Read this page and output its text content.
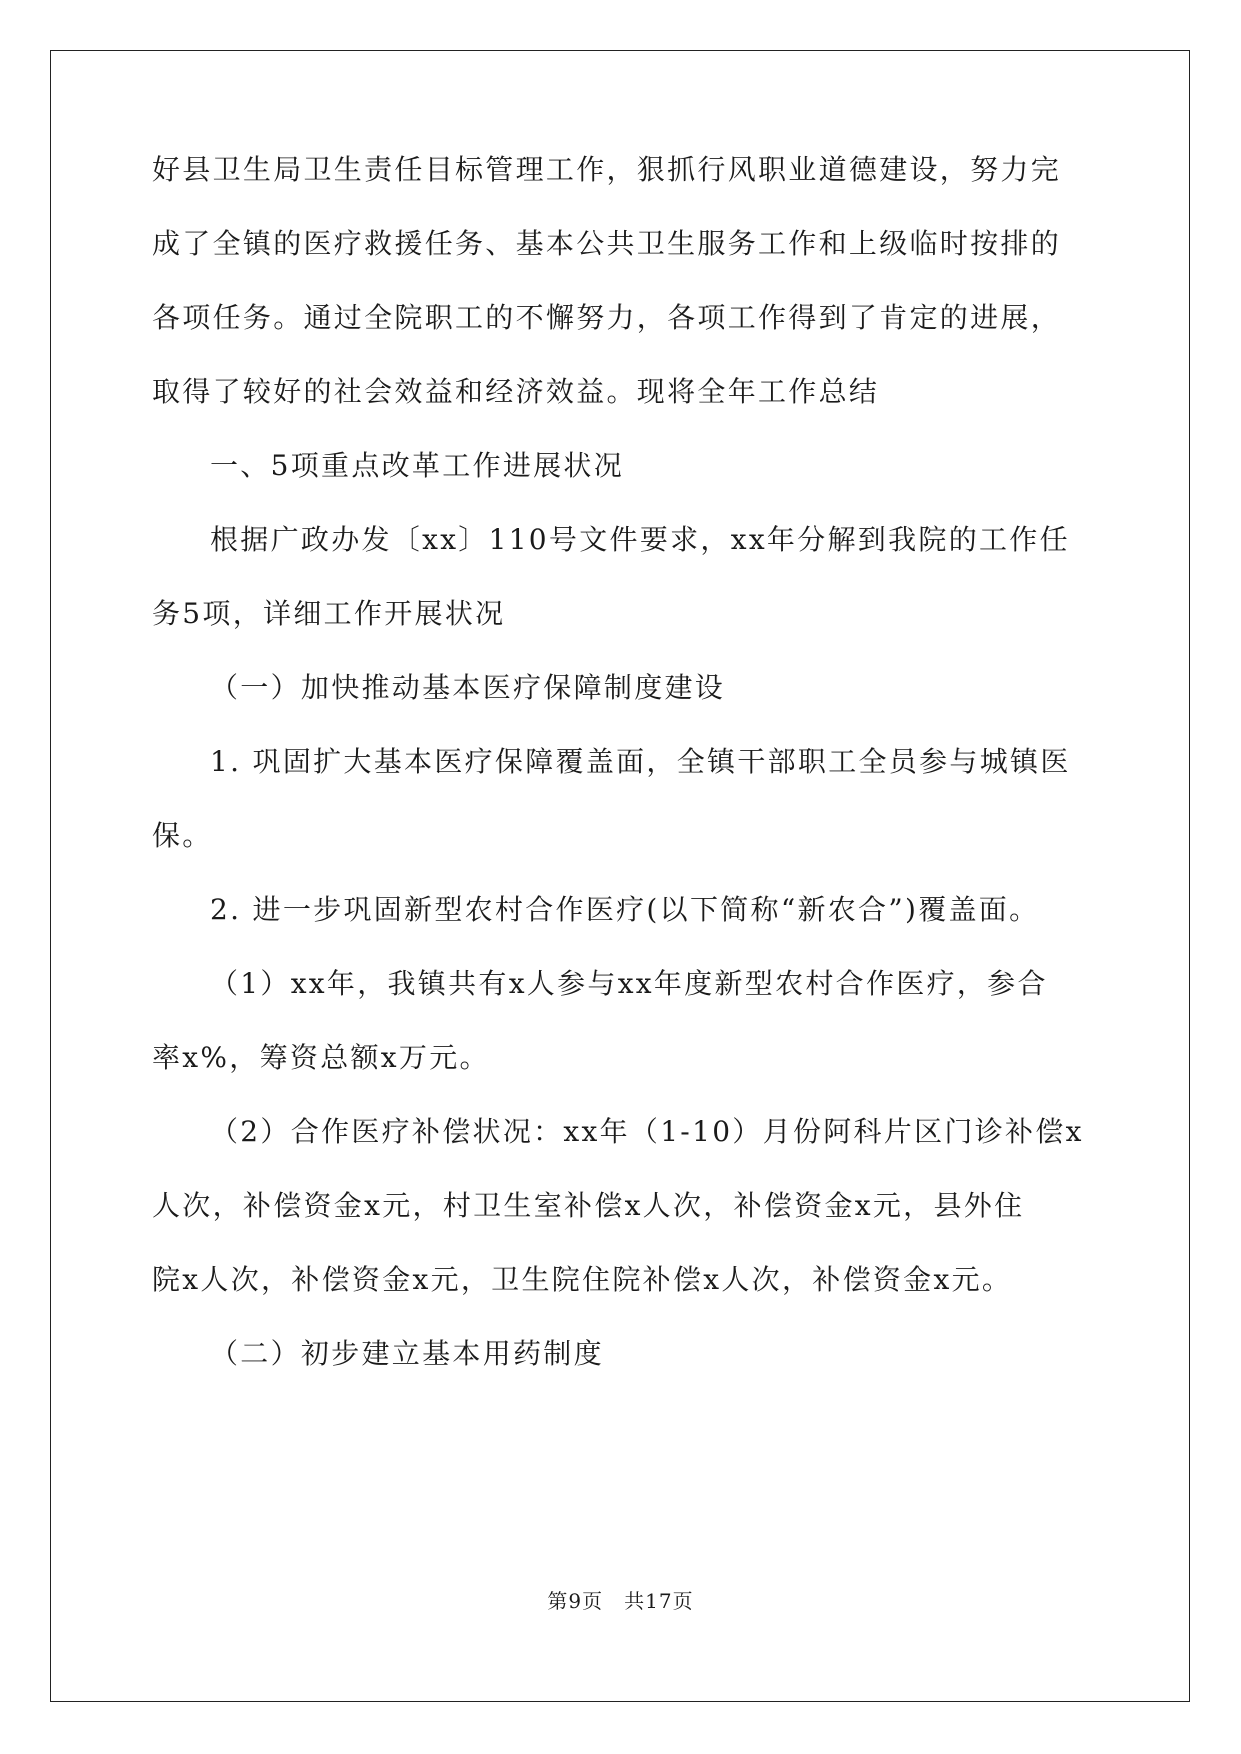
好县卫生局卫生责任目标管理工作，狠抓行风职业道德建设，努力完
成了全镇的医疗救援任务、基本公共卫生服务工作和上级临时按排的
各项任务。通过全院职工的不懈努力，各项工作得到了肯定的进展，
取得了较好的社会效益和经济效益。现将全年工作总结
一、5项重点改革工作进展状况
根据广政办发〔xx〕110号文件要求，xx年分解到我院的工作任
务5项，详细工作开展状况
（一）加快推动基本医疗保障制度建设
1. 巩固扩大基本医疗保障覆盖面，全镇干部职工全员参与城镇医
保。
2. 进一步巩固新型农村合作医疗(以下简称“新农合”)覆盖面。
（1）xx年，我镇共有x人参与xx年度新型农村合作医疗，参合
率x%，筹资总额x万元。
（2）合作医疗补偿状况：xx年（1-10）月份阿科片区门诊补偿x
人次，补偿资金x元，村卫生室补偿x人次，补偿资金x元，县外住
院x人次，补偿资金x元，卫生院住院补偿x人次，补偿资金x元。
（二）初步建立基本用药制度
第9页　共17页
